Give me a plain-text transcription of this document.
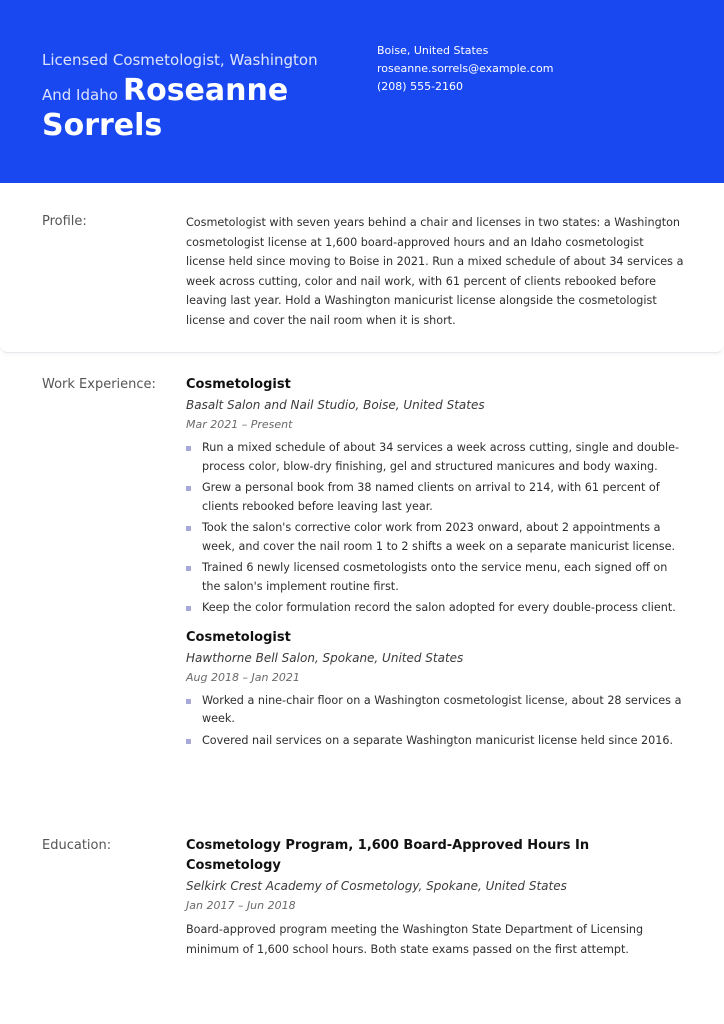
Licensed Cosmetologist, Washington And Idaho Roseanne Sorrels
Boise, United States
roseanne.sorrels@example.com
(208) 555-2160
Profile:	Cosmetologist with seven years behind a chair and licenses in two states: a Washington cosmetologist license at 1,600 board-approved hours and an Idaho cosmetologist license held since moving to Boise in 2021. Run a mixed schedule of about 34 services a week across cutting, color and nail work, with 61 percent of clients rebooked before leaving last year. Hold a Washington manicurist license alongside the cosmetologist license and cover the nail room when it is short.
Work Experience: Cosmetologist
Basalt Salon and Nail Studio, Boise, United States
Mar 2021 – Present
Run a mixed schedule of about 34 services a week across cutting, single and double-process color, blow-dry finishing, gel and structured manicures and body waxing.
Grew a personal book from 38 named clients on arrival to 214, with 61 percent of clients rebooked before leaving last year.
Took the salon's corrective color work from 2023 onward, about 2 appointments a week, and cover the nail room 1 to 2 shifts a week on a separate manicurist license.
Trained 6 newly licensed cosmetologists onto the service menu, each signed off on the salon's implement routine first.
Keep the color formulation record the salon adopted for every double-process client.
Cosmetologist
Hawthorne Bell Salon, Spokane, United States
Aug 2018 – Jan 2021
Worked a nine-chair floor on a Washington cosmetologist license, about 28 services a week.
Covered nail services on a separate Washington manicurist license held since 2016.
Education:	Cosmetology Program, 1,600 Board-Approved Hours In Cosmetology
Selkirk Crest Academy of Cosmetology, Spokane, United States
Jan 2017 – Jun 2018
Board-approved program meeting the Washington State Department of Licensing minimum of 1,600 school hours. Both state exams passed on the first attempt.
